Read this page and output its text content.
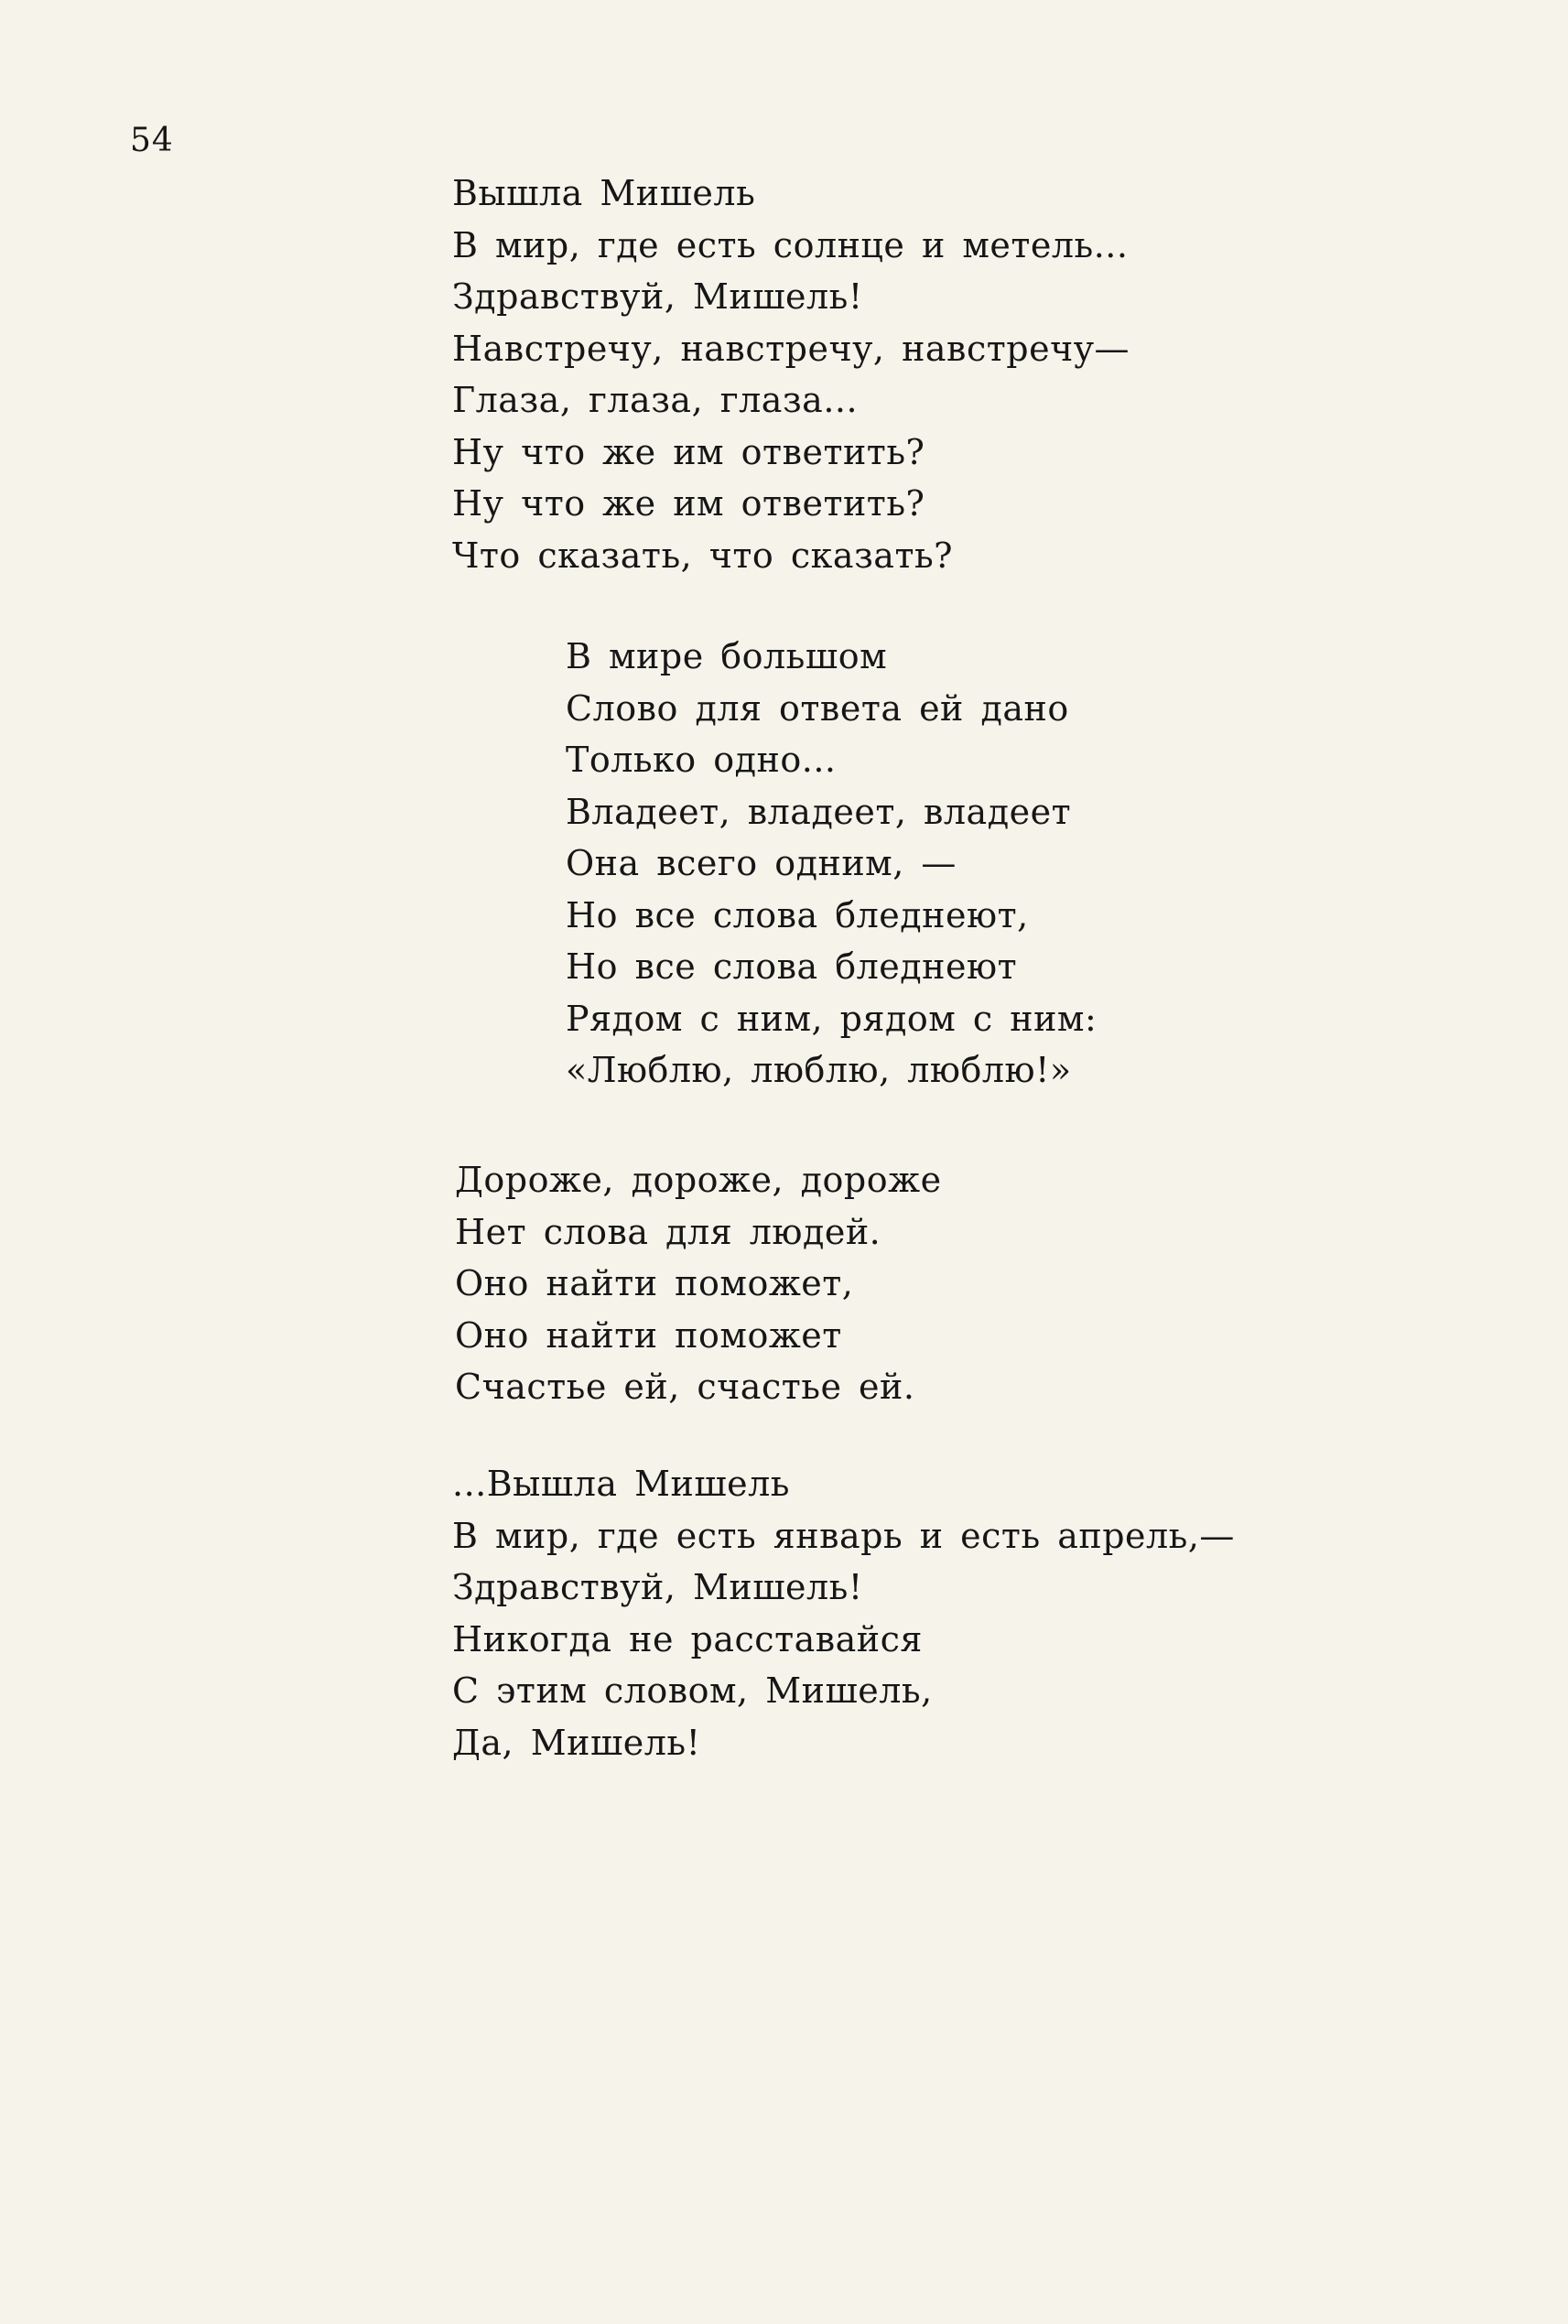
54
Вышла Мишель
В мир, где есть солнце и метель...
Здравствуй, Мишель!
Навстречу, навстречу, навстречу—
Глаза, глаза, глаза...
Ну что же им ответить?
Ну что же им ответить?
Что сказать, что сказать?
В мире большом
Слово для ответа ей дано
Только одно...
Владеет, владеет, владеет
Она всего одним, —
Но все слова бледнеют,
Но все слова бледнеют
Рядом с ним, рядом с ним:
«Люблю, люблю, люблю!»
Дороже, дороже, дороже
Нет слова для людей.
Оно найти поможет,
Оно найти поможет
Счастье ей, счастье ей.
...Вышла Мишель
В мир, где есть январь и есть апрель,—
Здравствуй, Мишель!
Никогда не расставайся
С этим словом, Мишель,
Да, Мишель!
